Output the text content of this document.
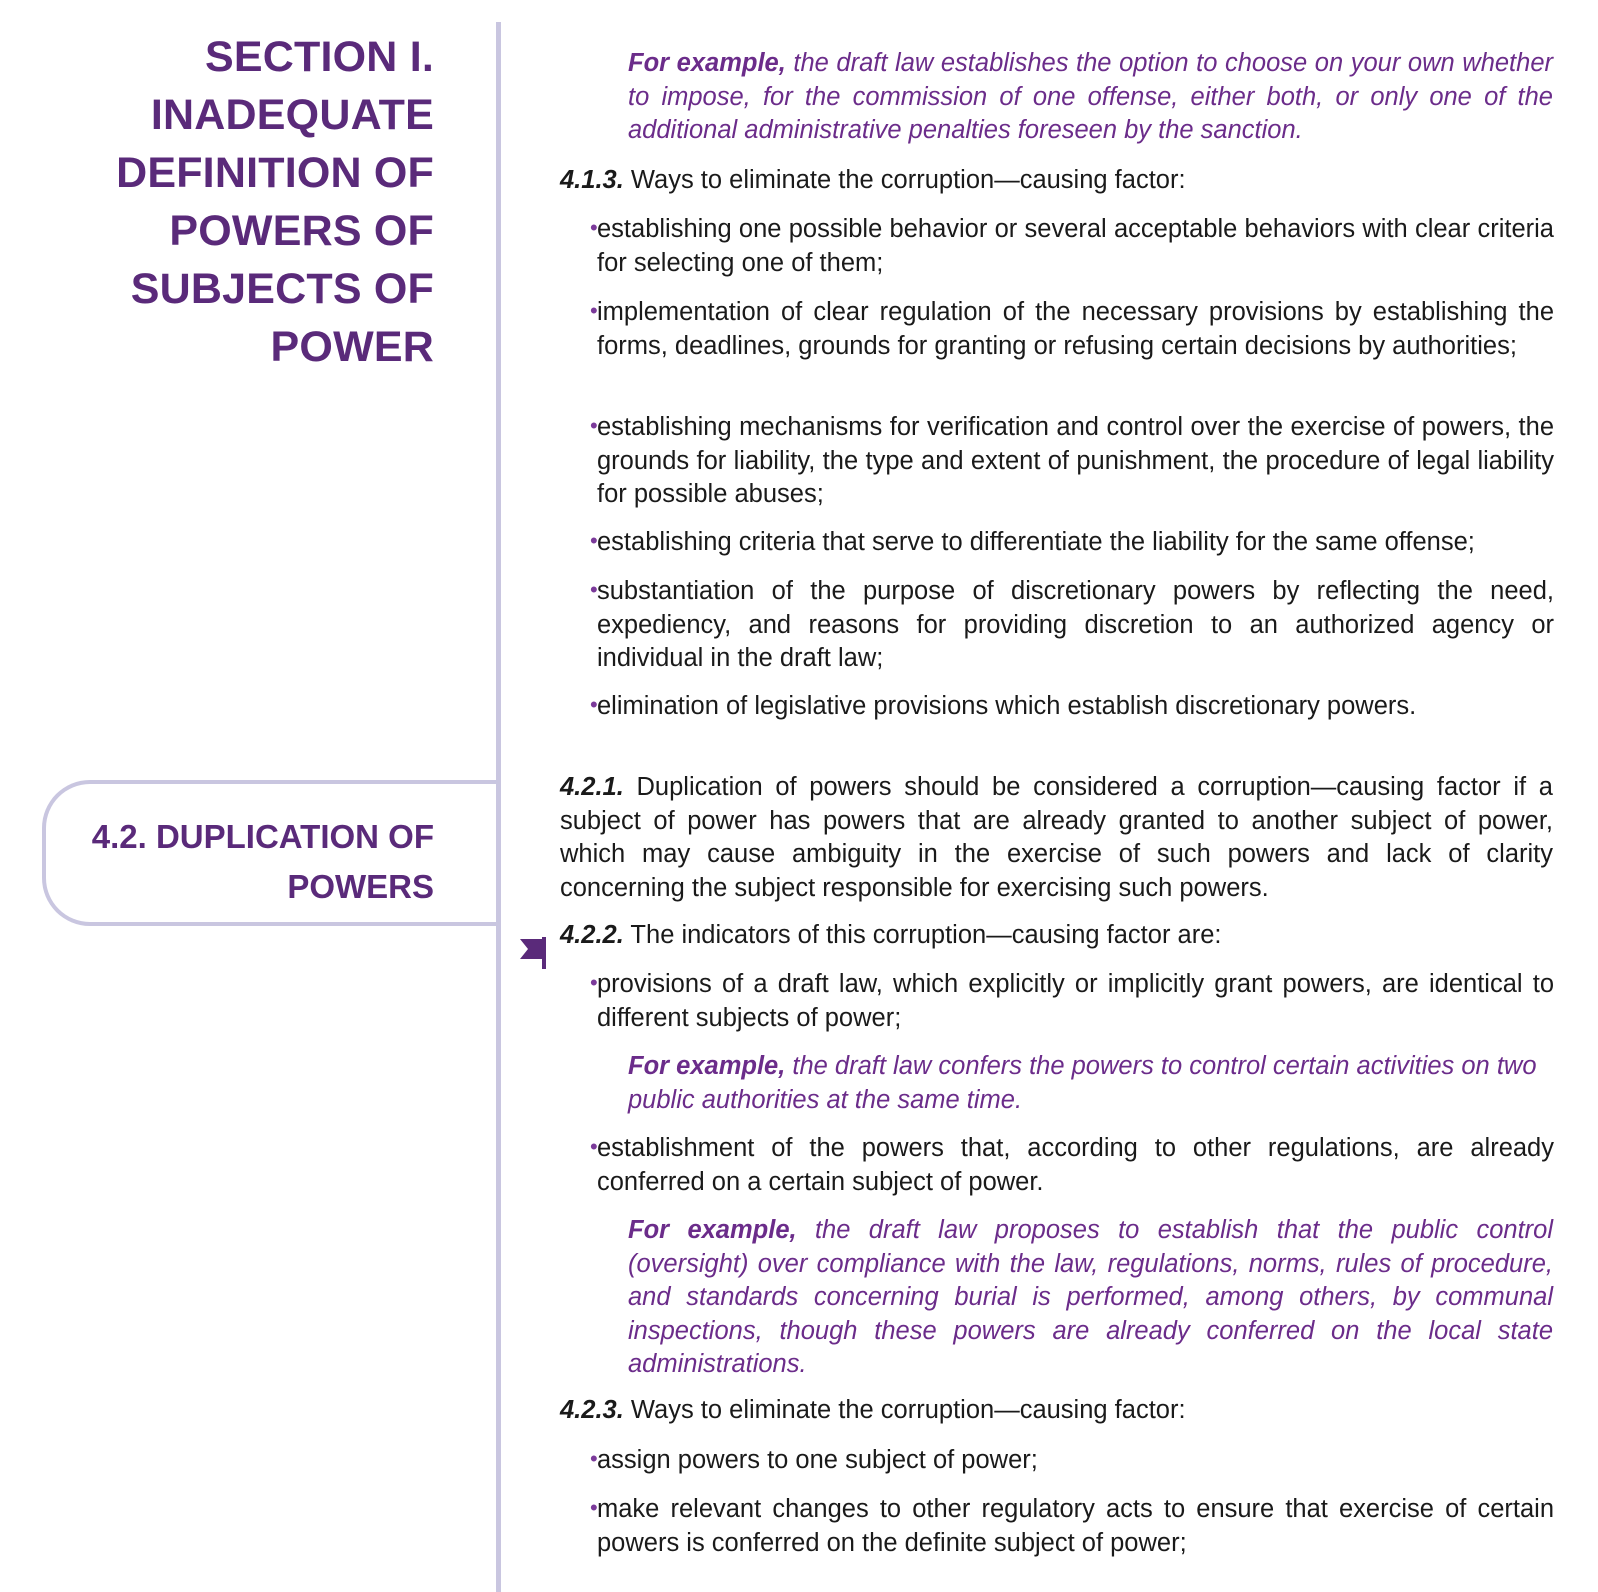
SECTION I.
INADEQUATE
DEFINITION OF
POWERS OF
SUBJECTS OF
POWER
4.2. DUPLICATION OF
POWERS

For example, the draft law establishes the option to choose on your own whether to impose, for the commission of one offense, either both, or only one of the additional administrative penalties foreseen by the sanction.

4.1.3. Ways to eliminate the corruption—causing factor:

• establishing one possible behavior or several acceptable behaviors with clear criteria for selecting one of them;

• implementation of clear regulation of the necessary provisions by establishing the forms, deadlines, grounds for granting or refusing certain decisions by authorities;

• establishing mechanisms for verification and control over the exercise of powers, the grounds for liability, the type and extent of punishment, the procedure of legal liability for possible abuses;

• establishing criteria that serve to differentiate the liability for the same offense;

• substantiation of the purpose of discretionary powers by reflecting the need, expediency, and reasons for providing discretion to an authorized agency or individual in the draft law;

• elimination of legislative provisions which establish discretionary powers.

4.2.1. Duplication of powers should be considered a corruption—causing factor if a subject of power has powers that are already granted to another subject of power, which may cause ambiguity in the exercise of such powers and lack of clarity concerning the subject responsible for exercising such powers.

4.2.2. The indicators of this corruption—causing factor are:

• provisions of a draft law, which explicitly or implicitly grant powers, are identical to different subjects of power;

For example, the draft law confers the powers to control certain activities on two public authorities at the same time.

• establishment of the powers that, according to other regulations, are already conferred on a certain subject of power.

For example, the draft law proposes to establish that the public control (oversight) over compliance with the law, regulations, norms, rules of procedure, and standards concerning burial is performed, among others, by communal inspections, though these powers are already conferred on the local state administrations.

4.2.3. Ways to eliminate the corruption—causing factor:

• assign powers to one subject of power;

• make relevant changes to other regulatory acts to ensure that exercise of certain powers is conferred on the definite subject of power;
